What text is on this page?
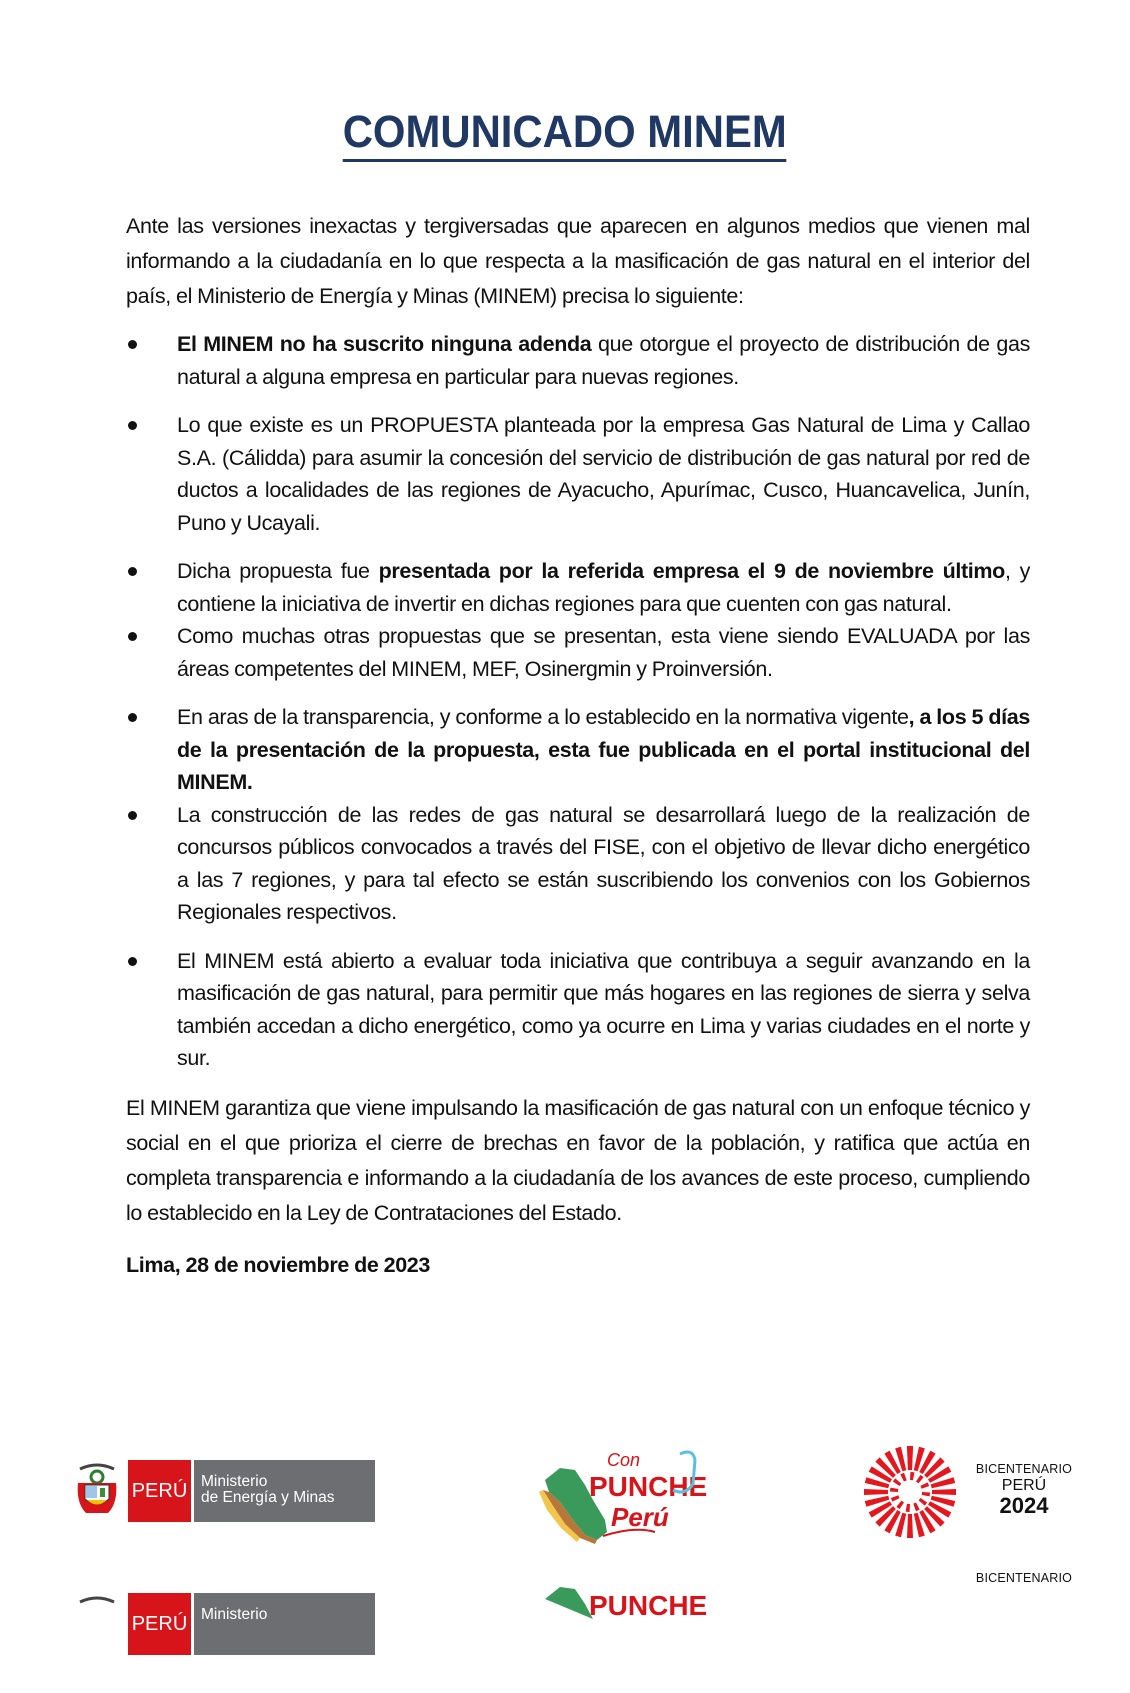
COMUNICADO MINEM

Ante las versiones inexactas y tergiversadas que aparecen en algunos medios que vienen mal informando a la ciudadanía en lo que respecta a la masificación de gas natural en el interior del país, el Ministerio de Energía y Minas (MINEM) precisa lo siguiente:

El MINEM no ha suscrito ninguna adenda que otorgue el proyecto de distribución de gas natural a alguna empresa en particular para nuevas regiones.
Lo que existe es un PROPUESTA planteada por la empresa Gas Natural de Lima y Callao S.A. (Cálidda) para asumir la concesión del servicio de distribución de gas natural por red de ductos a localidades de las regiones de Ayacucho, Apurímac, Cusco, Huancavelica, Junín, Puno y Ucayali.
Dicha propuesta fue presentada por la referida empresa el 9 de noviembre último, y contiene la iniciativa de invertir en dichas regiones para que cuenten con gas natural.
Como muchas otras propuestas que se presentan, esta viene siendo EVALUADA por las áreas competentes del MINEM, MEF, Osinergmin y Proinversión.
En aras de la transparencia, y conforme a lo establecido en la normativa vigente, a los 5 días de la presentación de la propuesta, esta fue publicada en el portal institucional del MINEM.
La construcción de las redes de gas natural se desarrollará luego de la realización de concursos públicos convocados a través del FISE, con el objetivo de llevar dicho energético a las 7 regiones, y para tal efecto se están suscribiendo los convenios con los Gobiernos Regionales respectivos.
El MINEM está abierto a evaluar toda iniciativa que contribuya a seguir avanzando en la masificación de gas natural, para permitir que más hogares en las regiones de sierra y selva también accedan a dicho energético, como ya ocurre en Lima y varias ciudades en el norte y sur.

El MINEM garantiza que viene impulsando la masificación de gas natural con un enfoque técnico y social en el que prioriza el cierre de brechas en favor de la población, y ratifica que actúa en completa transparencia e informando a la ciudadanía de los avances de este proceso, cumpliendo lo establecido en la Ley de Contrataciones del Estado.

Lima, 28 de noviembre de 2023

PERÚ Ministerio
de Energía y Minas
Con
PUNCHE
Perú
BICENTENARIO
PERÚ
2024
PERÚ Ministerio	PUNCHE
BICENTENARIO
